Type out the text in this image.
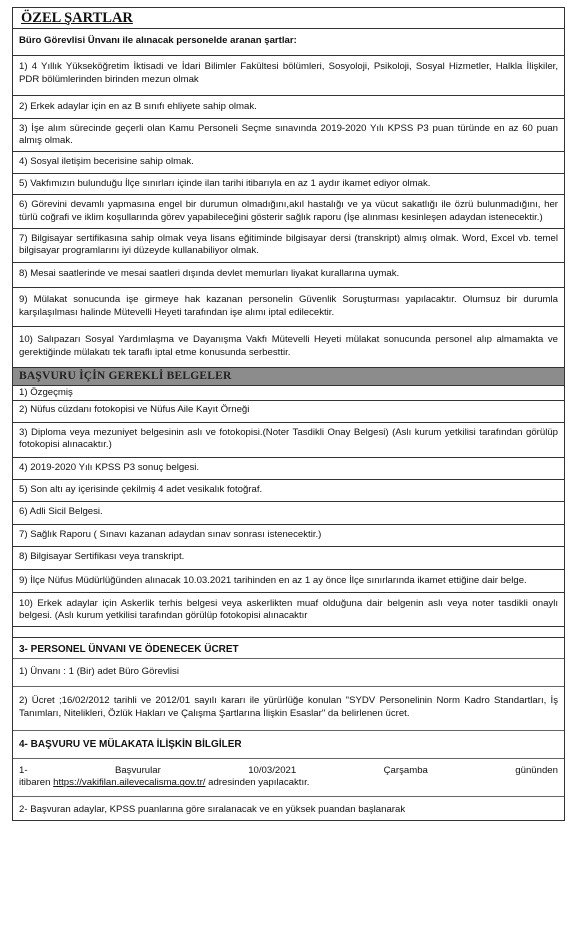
ÖZEL ŞARTLAR
Büro Görevlisi Ünvanı ile alınacak personelde aranan şartlar:
1) 4 Yıllık Yükseköğretim İktisadi ve İdari Bilimler Fakültesi bölümleri, Sosyoloji, Psikoloji, Sosyal Hizmetler, Halkla İlişkiler, PDR bölümlerinden birinden mezun olmak
2) Erkek adaylar için en az B sınıfı ehliyete sahip olmak.
3) İşe alım sürecinde geçerli olan Kamu Personeli Seçme sınavında 2019-2020 Yılı KPSS P3 puan türünde en az 60 puan almış olmak.
4) Sosyal iletişim becerisine sahip olmak.
5) Vakfımızın bulunduğu İlçe sınırları içinde ilan tarihi itibarıyla en az 1 aydır ikamet ediyor olmak.
6) Görevini devamlı yapmasına engel bir durumun olmadığını,akıl hastalığı ve ya vücut sakatlığı ile özrü bulunmadığını, her türlü coğrafi ve iklim koşullarında görev yapabileceğini gösterir sağlık raporu (İşe alınması kesinleşen adaydan istenecektir.)
7) Bilgisayar sertifikasına sahip olmak veya lisans eğitiminde bilgisayar dersi (transkript) almış olmak. Word, Excel vb. temel bilgisayar programlarını iyi düzeyde kullanabiliyor olmak.
8) Mesai saatlerinde ve mesai saatleri dışında devlet memurları liyakat kurallarına uymak.
9) Mülakat sonucunda işe girmeye hak kazanan personelin Güvenlik Soruşturması yapılacaktır. Olumsuz bir durumla karşılaşılması halinde Mütevelli Heyeti tarafından işe alımı iptal edilecektir.
10) Salıpazarı Sosyal Yardımlaşma ve Dayanışma Vakfı Mütevelli Heyeti mülakat sonucunda personel alıp almamakta ve gerektiğinde mülakatı tek taraflı iptal etme konusunda serbesttir.
BAŞVURU İÇİN GEREKLİ BELGELER
1) Özgeçmiş
2) Nüfus cüzdanı fotokopisi ve Nüfus Aile Kayıt Örneği
3) Diploma veya mezuniyet belgesinin aslı ve fotokopisi.(Noter Tasdikli Onay Belgesi) (Aslı kurum yetkilisi tarafından görülüp fotokopisi alınacaktır.)
4) 2019-2020 Yılı KPSS P3 sonuç belgesi.
5) Son altı ay içerisinde çekilmiş 4 adet vesikalık fotoğraf.
6) Adli Sicil Belgesi.
7) Sağlık Raporu ( Sınavı kazanan adaydan sınav sonrası istenecektir.)
8) Bilgisayar Sertifikası veya transkript.
9) İlçe Nüfus Müdürlüğünden alınacak 10.03.2021 tarihinden en az 1 ay önce İlçe sınırlarında ikamet ettiğine dair belge.
10) Erkek adaylar için Askerlik terhis belgesi veya askerlikten muaf olduğuna dair belgenin aslı veya noter tasdikli onaylı belgesi. (Aslı kurum yetkilisi tarafından görülüp fotokopisi alınacaktır
3- PERSONEL ÜNVANI VE ÖDENECEK ÜCRET
1) Ünvanı : 1 (Bir) adet Büro Görevlisi
2) Ücret ;16/02/2012 tarihli ve 2012/01 sayılı kararı ile yürürlüğe konulan "SYDV Personelinin Norm Kadro Standartları, İş Tanımları, Nitelikleri, Özlük Hakları ve Çalışma Şartlarına İlişkin Esaslar" da belirlenen ücret.
4- BAŞVURU VE MÜLAKATA İLİŞKİN BİLGİLER
1-	Başvurular	10/03/2021	Çarşamba	gününden
itibaren https://vakifilan.ailevecalisma.gov.tr/ adresinden yapılacaktır.
2- Başvuran adaylar, KPSS puanlarına göre sıralanacak ve en yüksek puandan başlanarak
